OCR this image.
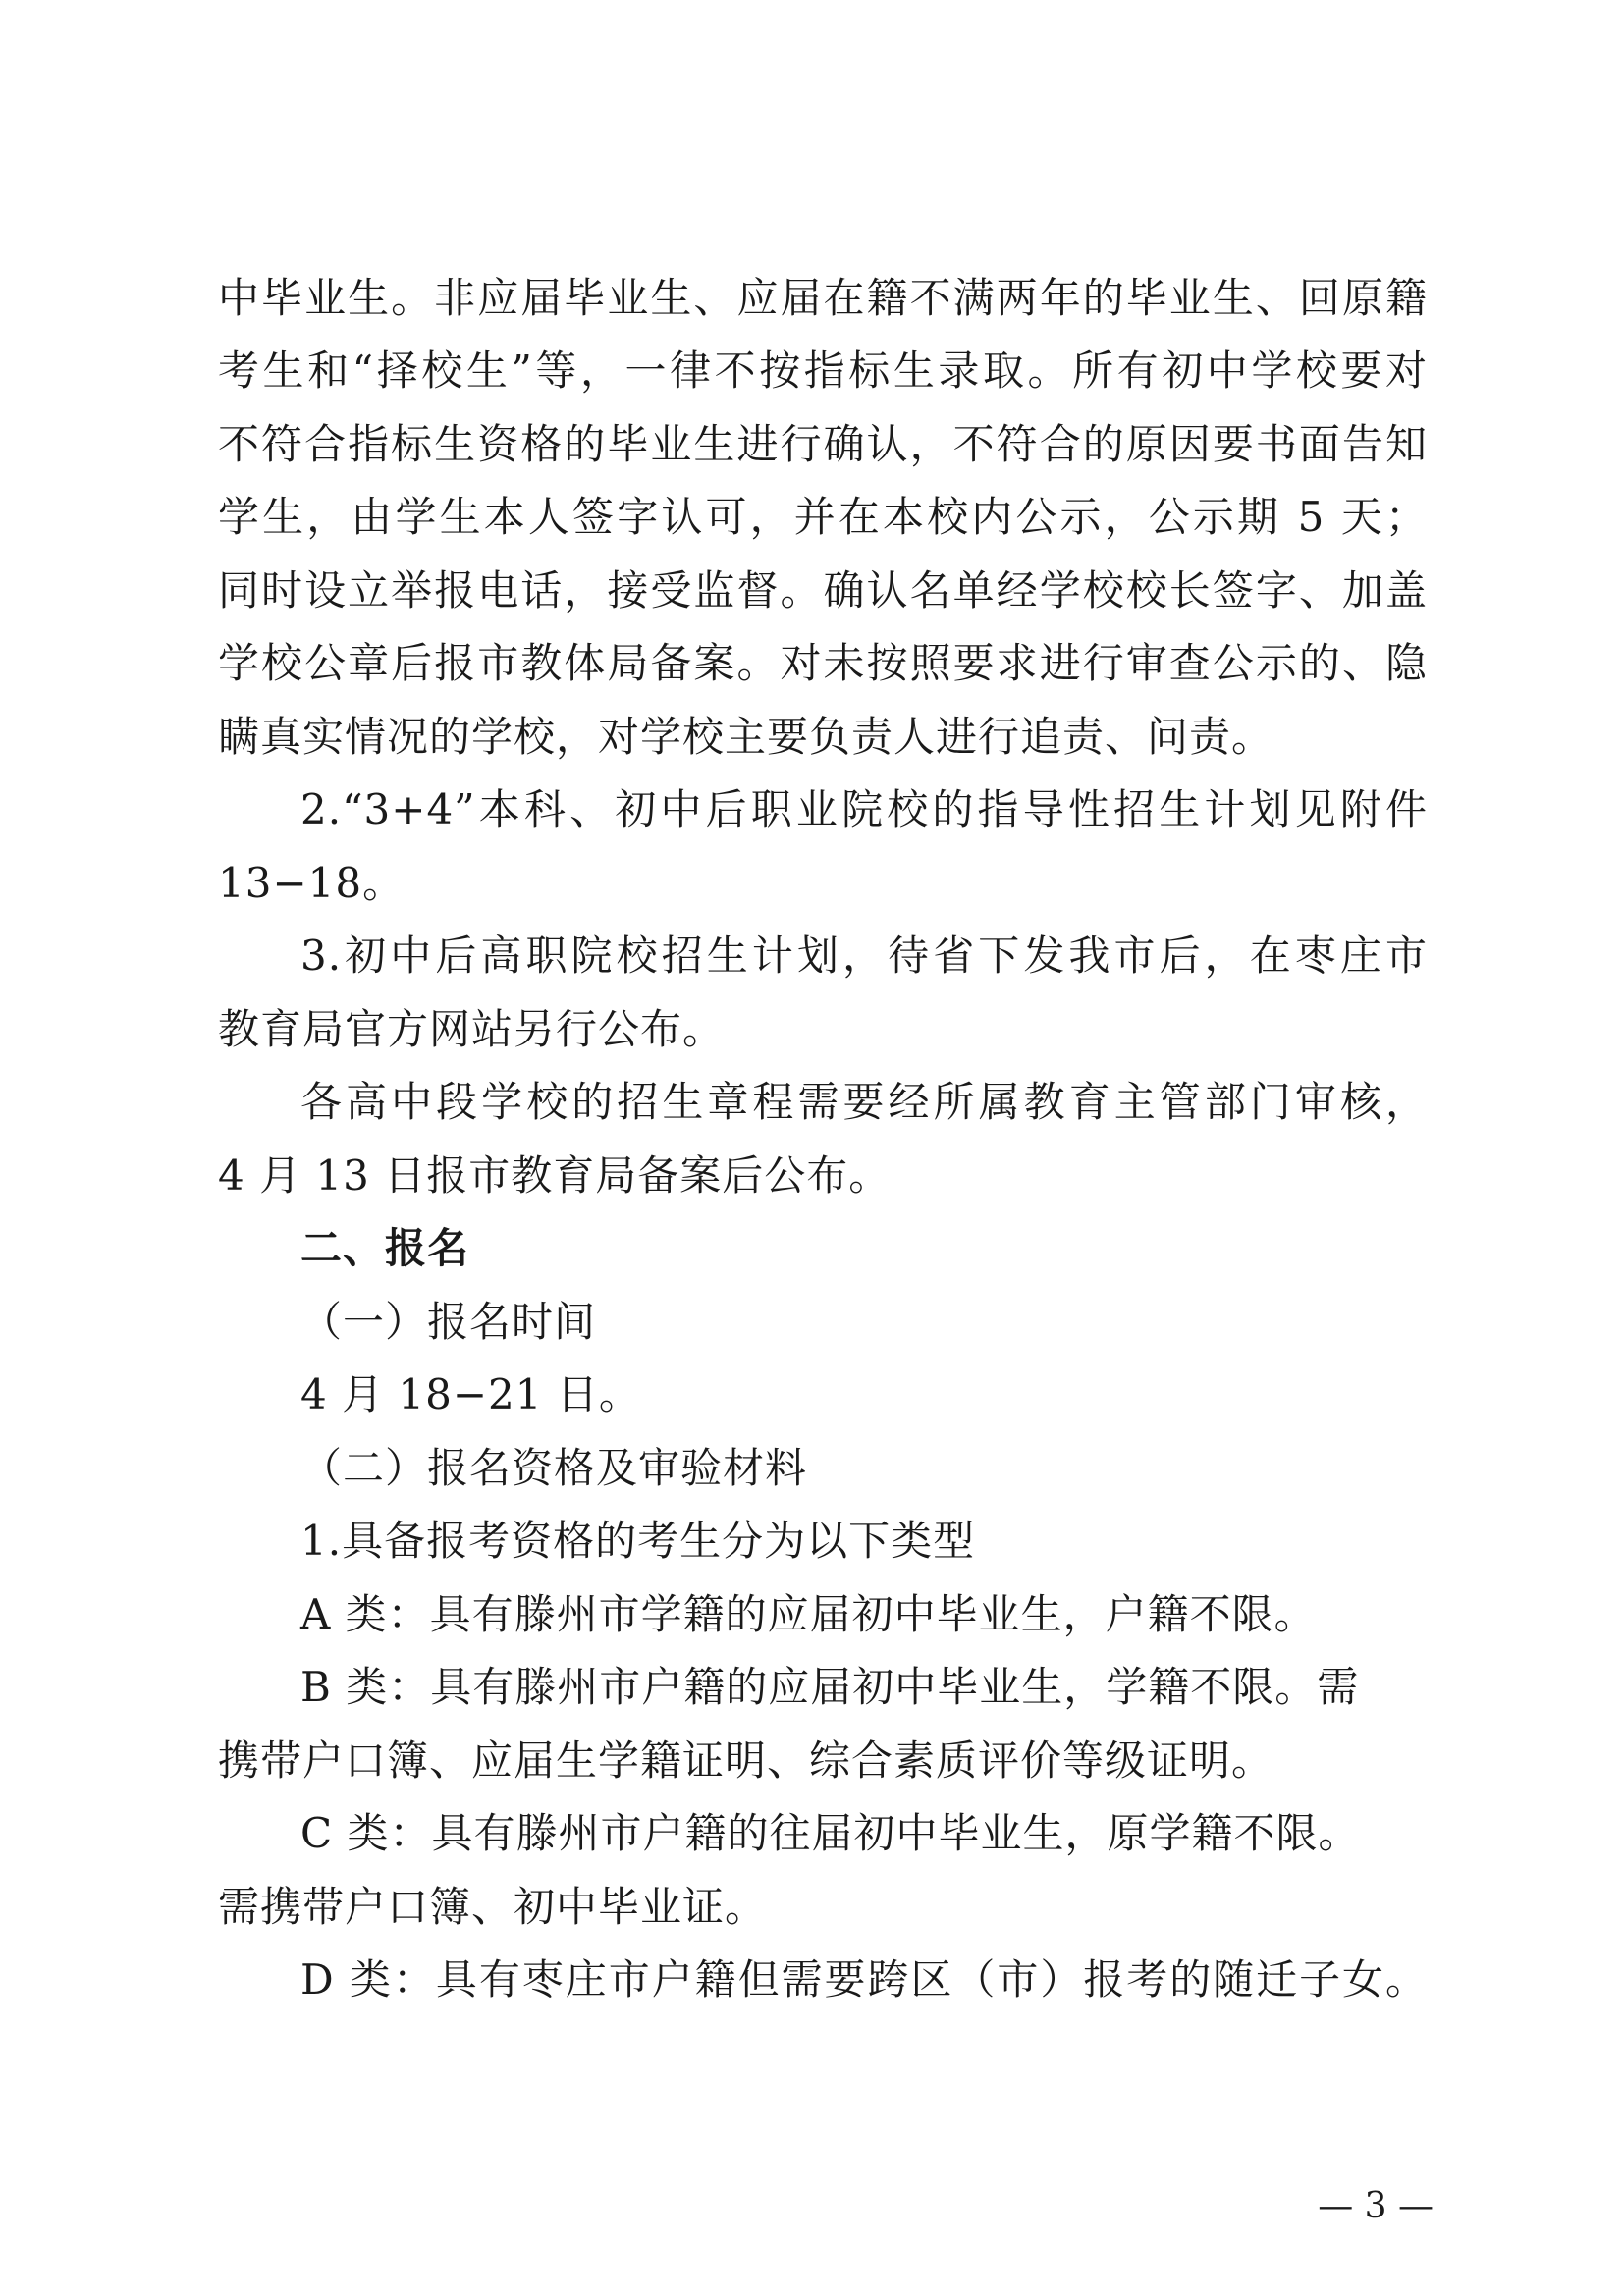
中毕业生。非应届毕业生、应届在籍不满两年的毕业生、回原籍
考生和“择校生”等，一律不按指标生录取。所有初中学校要对
不符合指标生资格的毕业生进行确认，不符合的原因要书面告知
学生，由学生本人签字认可，并在本校内公示，公示期 5 天；
同时设立举报电话，接受监督。确认名单经学校校长签字、加盖
学校公章后报市教体局备案。对未按照要求进行审查公示的、隐
瞒真实情况的学校，对学校主要负责人进行追责、问责。
2.“3+4”本科、初中后职业院校的指导性招生计划见附件
13−18。
3.初中后高职院校招生计划，待省下发我市后，在枣庄市
教育局官方网站另行公布。
各高中段学校的招生章程需要经所属教育主管部门审核，
4 月 13 日报市教育局备案后公布。
二、报名
（一）报名时间
4 月 18−21 日。
（二）报名资格及审验材料
1.具备报考资格的考生分为以下类型
A 类：具有滕州市学籍的应届初中毕业生，户籍不限。
B 类：具有滕州市户籍的应届初中毕业生，学籍不限。需
携带户口簿、应届生学籍证明、综合素质评价等级证明。
C 类：具有滕州市户籍的往届初中毕业生，原学籍不限。
需携带户口簿、初中毕业证。
D 类：具有枣庄市户籍但需要跨区（市）报考的随迁子女。
— 3 —
